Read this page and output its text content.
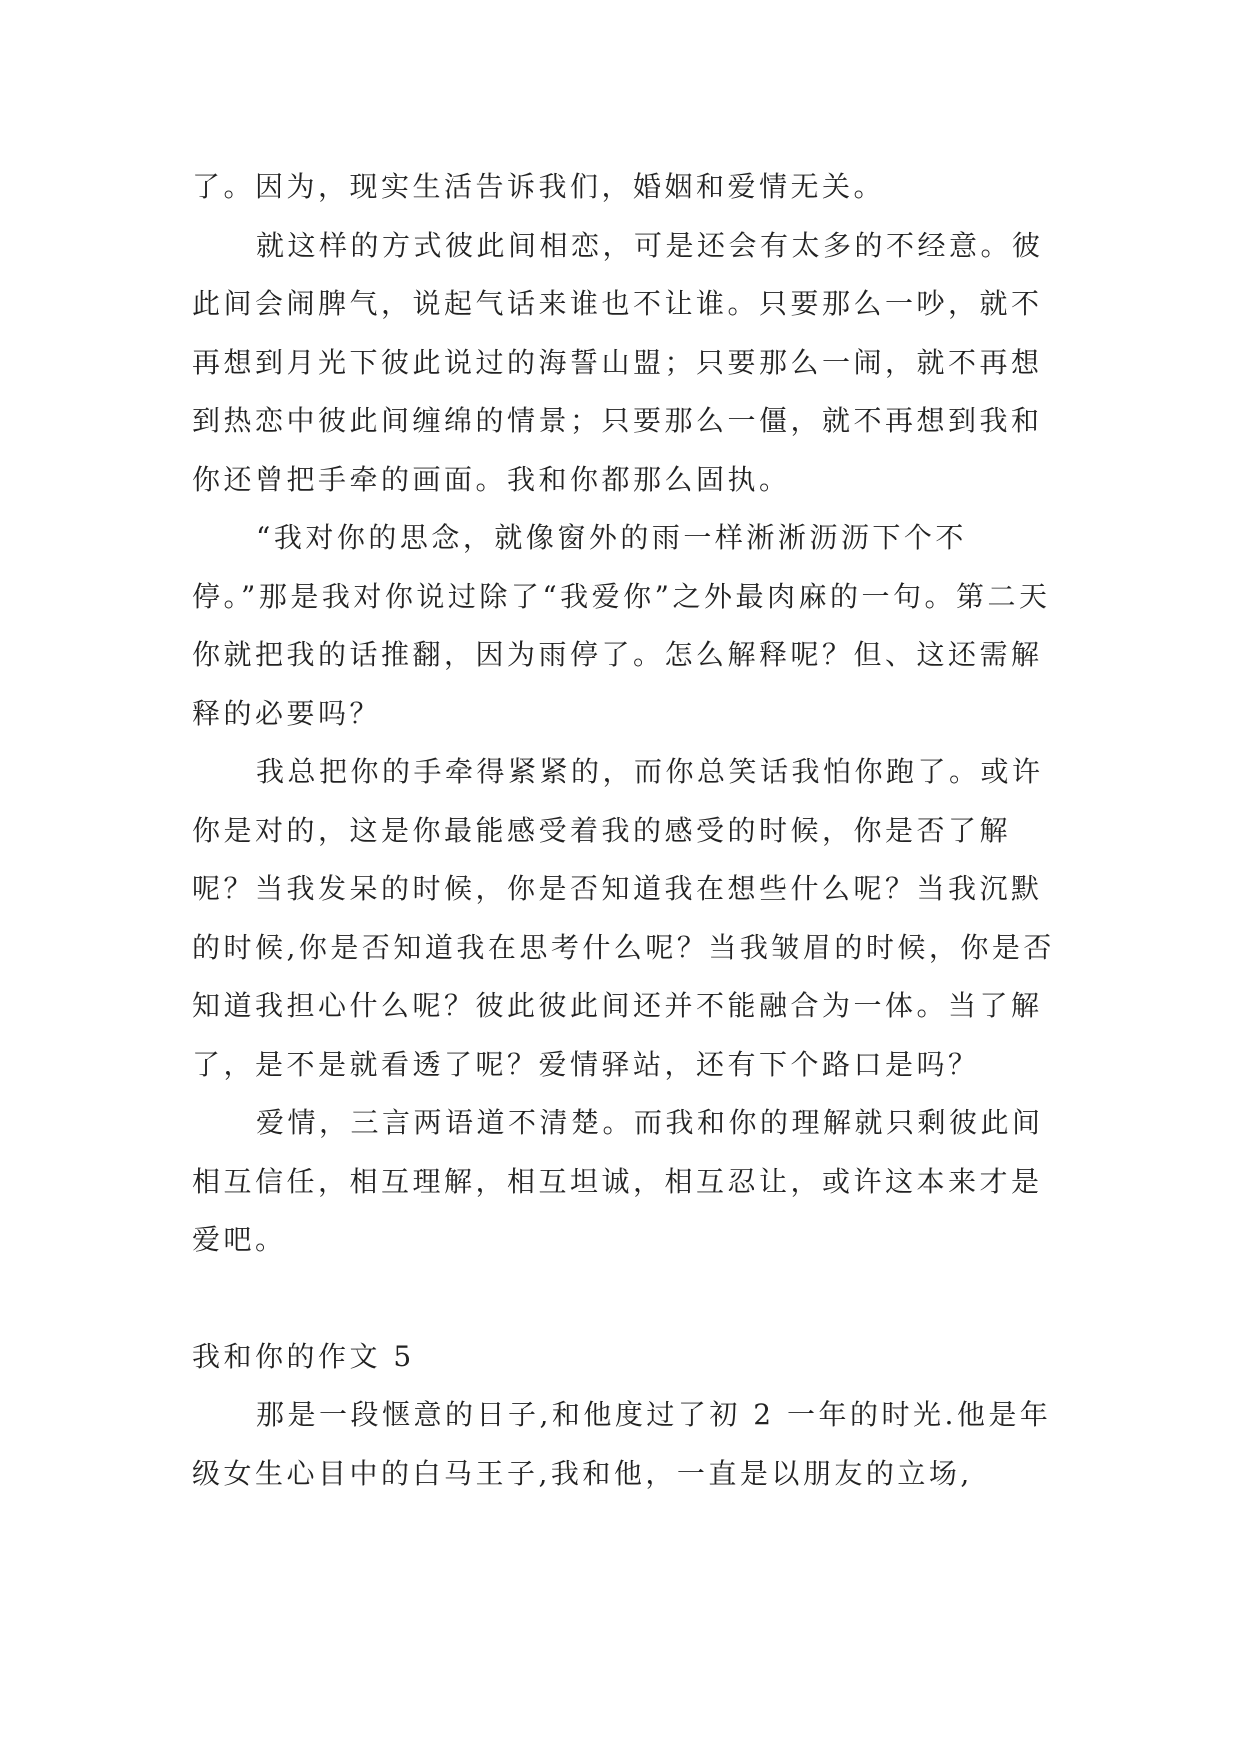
了。因为，现实生活告诉我们，婚姻和爱情无关。

就这样的方式彼此间相恋，可是还会有太多的不经意。彼此间会闹脾气，说起气话来谁也不让谁。只要那么一吵，就不再想到月光下彼此说过的海誓山盟；只要那么一闹，就不再想到热恋中彼此间缠绵的情景；只要那么一僵，就不再想到我和你还曾把手牵的画面。我和你都那么固执。

“我对你的思念，就像窗外的雨一样淅淅沥沥下个不停。”那是我对你说过除了“我爱你”之外最肉麻的一句。第二天你就把我的话推翻，因为雨停了。怎么解释呢？但、这还需解释的必要吗？

我总把你的手牵得紧紧的，而你总笑话我怕你跑了。或许你是对的，这是你最能感受着我的感受的时候，你是否了解呢？当我发呆的时候，你是否知道我在想些什么呢？当我沉默的时候,你是否知道我在思考什么呢？当我皱眉的时候，你是否知道我担心什么呢？彼此彼此间还并不能融合为一体。当了解了，是不是就看透了呢？爱情驿站，还有下个路口是吗？

爱情，三言两语道不清楚。而我和你的理解就只剩彼此间相互信任，相互理解，相互坦诚，相互忍让，或许这本来才是爱吧。

我和你的作文 5

那是一段惬意的日子,和他度过了初 2 一年的时光.他是年级女生心目中的白马王子,我和他，一直是以朋友的立场,
